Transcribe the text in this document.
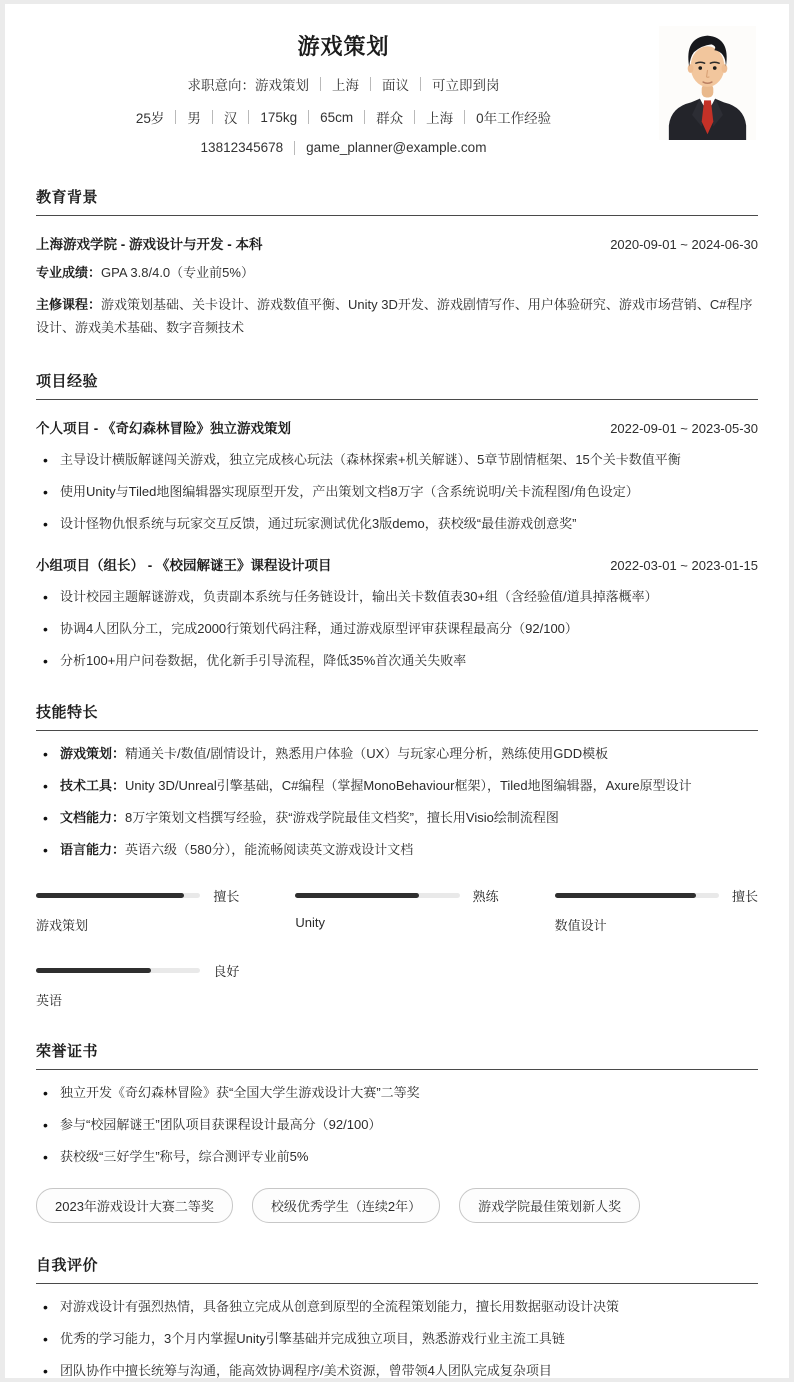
游戏策划
求职意向：游戏策划	上海	面议	可立即到岗
25岁	男	汉	175kg	65cm	群众	上海	0年工作经验
13812345678	game_planner@example.com
教育背景
上海游戏学院 - 游戏设计与开发 - 本科	2020-09-01 ~ 2024-06-30

专业成绩：GPA 3.8/4.0（专业前5%）

主修课程：游戏策划基础、关卡设计、游戏数值平衡、Unity 3D开发、游戏剧情写作、用户体验研究、游戏市场营销、C#程序设计、游戏美术基础、数字音频技术

项目经验
个人项目 - 《奇幻森林冒险》独立游戏策划	2022-09-01 ~ 2023-05-30
• 主导设计横版解谜闯关游戏，独立完成核心玩法（森林探索+机关解谜）、5章节剧情框架、15个关卡数值平衡
• 使用Unity与Tiled地图编辑器实现原型开发，产出策划文档8万字（含系统说明/关卡流程图/角色设定）
• 设计怪物仇恨系统与玩家交互反馈，通过玩家测试优化3版demo，获校级“最佳游戏创意奖”
小组项目（组长） - 《校园解谜王》课程设计项目	2022-03-01 ~ 2023-01-15
• 设计校园主题解谜游戏，负责副本系统与任务链设计，输出关卡数值表30+组（含经验值/道具掉落概率）
• 协调4人团队分工，完成2000行策划代码注释，通过游戏原型评审获课程最高分（92/100）
• 分析100+用户问卷数据，优化新手引导流程，降低35%首次通关失败率
技能特长
• 游戏策划：精通关卡/数值/剧情设计，熟悉用户体验（UX）与玩家心理分析，熟练使用GDD模板
• 技术工具：Unity 3D/Unreal引擎基础，C#编程（掌握MonoBehaviour框架），Tiled地图编辑器，Axure原型设计
• 文档能力：8万字策划文档撰写经验，获“游戏学院最佳文档奖”，擅长用Visio绘制流程图
• 语言能力：英语六级（580分），能流畅阅读英文游戏设计文档
擅长
游戏策划
熟练
Unity
擅长
数值设计
良好
英语
荣誉证书
• 独立开发《奇幻森林冒险》获“全国大学生游戏设计大赛”二等奖
• 参与“校园解谜王”团队项目获课程设计最高分（92/100）
• 获校级“三好学生”称号，综合测评专业前5%
2023年游戏设计大赛二等奖	校级优秀学生（连续2年）	游戏学院最佳策划新人奖
自我评价
• 对游戏设计有强烈热情，具备独立完成从创意到原型的全流程策划能力，擅长用数据驱动设计决策
• 优秀的学习能力，3个月内掌握Unity引擎基础并完成独立项目，熟悉游戏行业主流工具链
• 团队协作中擅长统筹与沟通，能高效协调程序/美术资源，曾带领4人团队完成复杂项目
